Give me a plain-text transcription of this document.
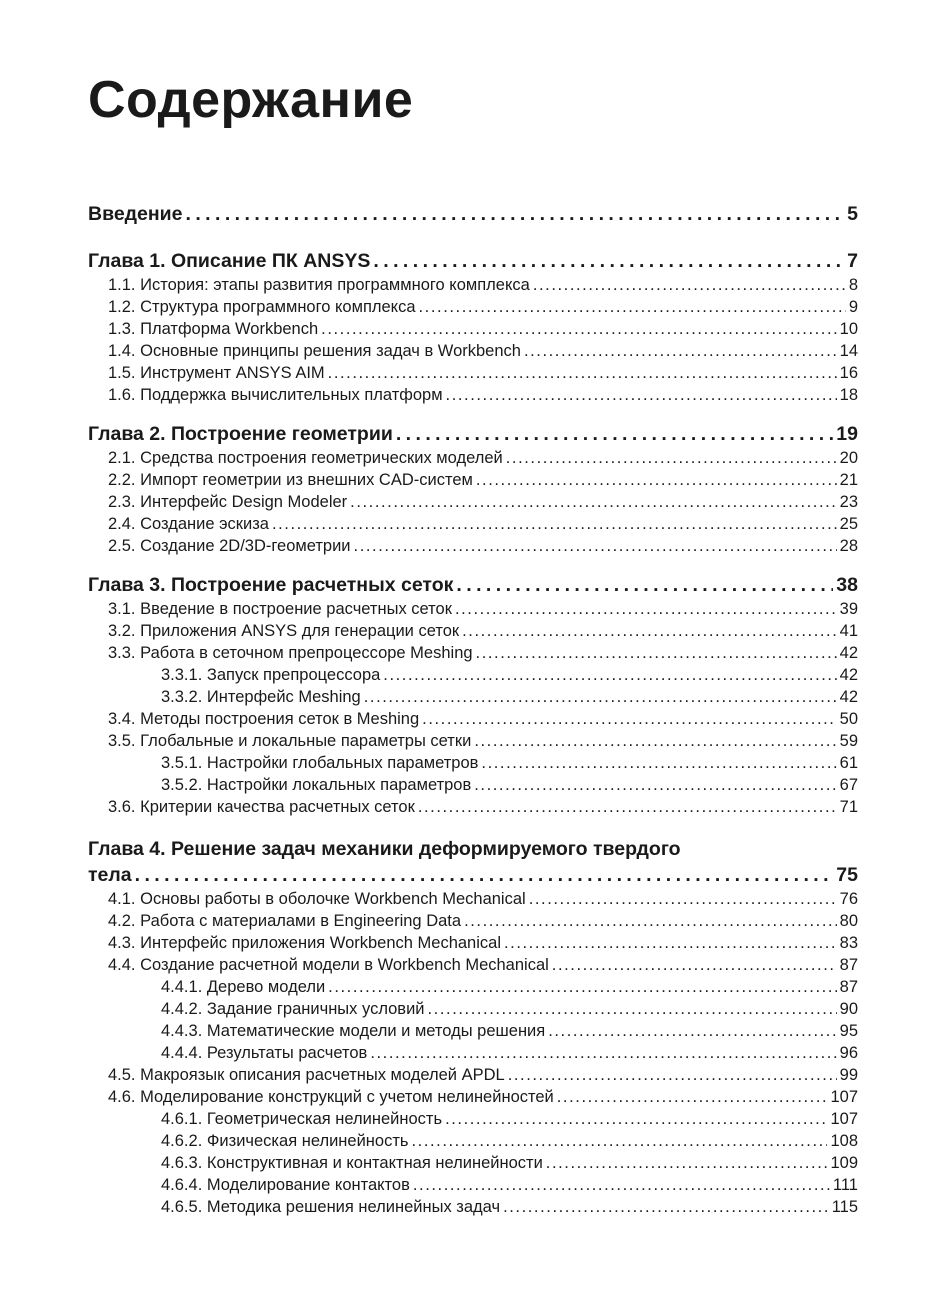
Содержание
Введение . . .	5
Глава 1. Описание ПК ANSYS . . .	7
1.1. История: этапы развития программного комплекса . . .	8
1.2. Структура программного комплекса . . .	9
1.3. Платформа Workbench . . .	10
1.4. Основные принципы решения задач в Workbench . . .	14
1.5. Инструмент ANSYS AIM . . .	16
1.6. Поддержка вычислительных платформ . . .	18
Глава 2. Построение геометрии . . .	19
2.1. Средства построения геометрических моделей . . .	20
2.2. Импорт геометрии из внешних CAD-систем . . .	21
2.3. Интерфейс Design Modeler . . .	23
2.4. Создание эскиза . . .	25
2.5. Создание 2D/3D-геометрии . . .	28
Глава 3. Построение расчетных сеток . . .	38
3.1. Введение в построение расчетных сеток . . .	39
3.2. Приложения ANSYS для генерации сеток . . .	41
3.3. Работа в сеточном препроцессоре Meshing . . .	42
3.3.1. Запуск препроцессора . . .	42
3.3.2. Интерфейс Meshing . . .	42
3.4. Методы построения сеток в Meshing . . .	50
3.5. Глобальные и локальные параметры сетки . . .	59
3.5.1. Настройки глобальных параметров . . .	61
3.5.2. Настройки локальных параметров . . .	67
3.6. Критерии качества расчетных сеток . . .	71
Глава 4. Решение задач механики деформируемого твердого
тела . . .	75
4.1. Основы работы в оболочке Workbench Mechanical . . .	76
4.2. Работа с материалами в Engineering Data . . .	80
4.3. Интерфейс приложения Workbench Mechanical . . .	83
4.4. Создание расчетной модели в Workbench Mechanical . . .	87
4.4.1. Дерево модели . . .	87
4.4.2. Задание граничных условий . . .	90
4.4.3. Математические модели и методы решения . . .	95
4.4.4. Результаты расчетов . . .	96
4.5. Макроязык описания расчетных моделей APDL . . .	99
4.6. Моделирование конструкций с учетом нелинейностей . . .	107
4.6.1. Геометрическая нелинейность . . .	107
4.6.2. Физическая нелинейность . . .	108
4.6.3. Конструктивная и контактная нелинейности . . .	109
4.6.4. Моделирование контактов . . .	111
4.6.5. Методика решения нелинейных задач . . .	115
